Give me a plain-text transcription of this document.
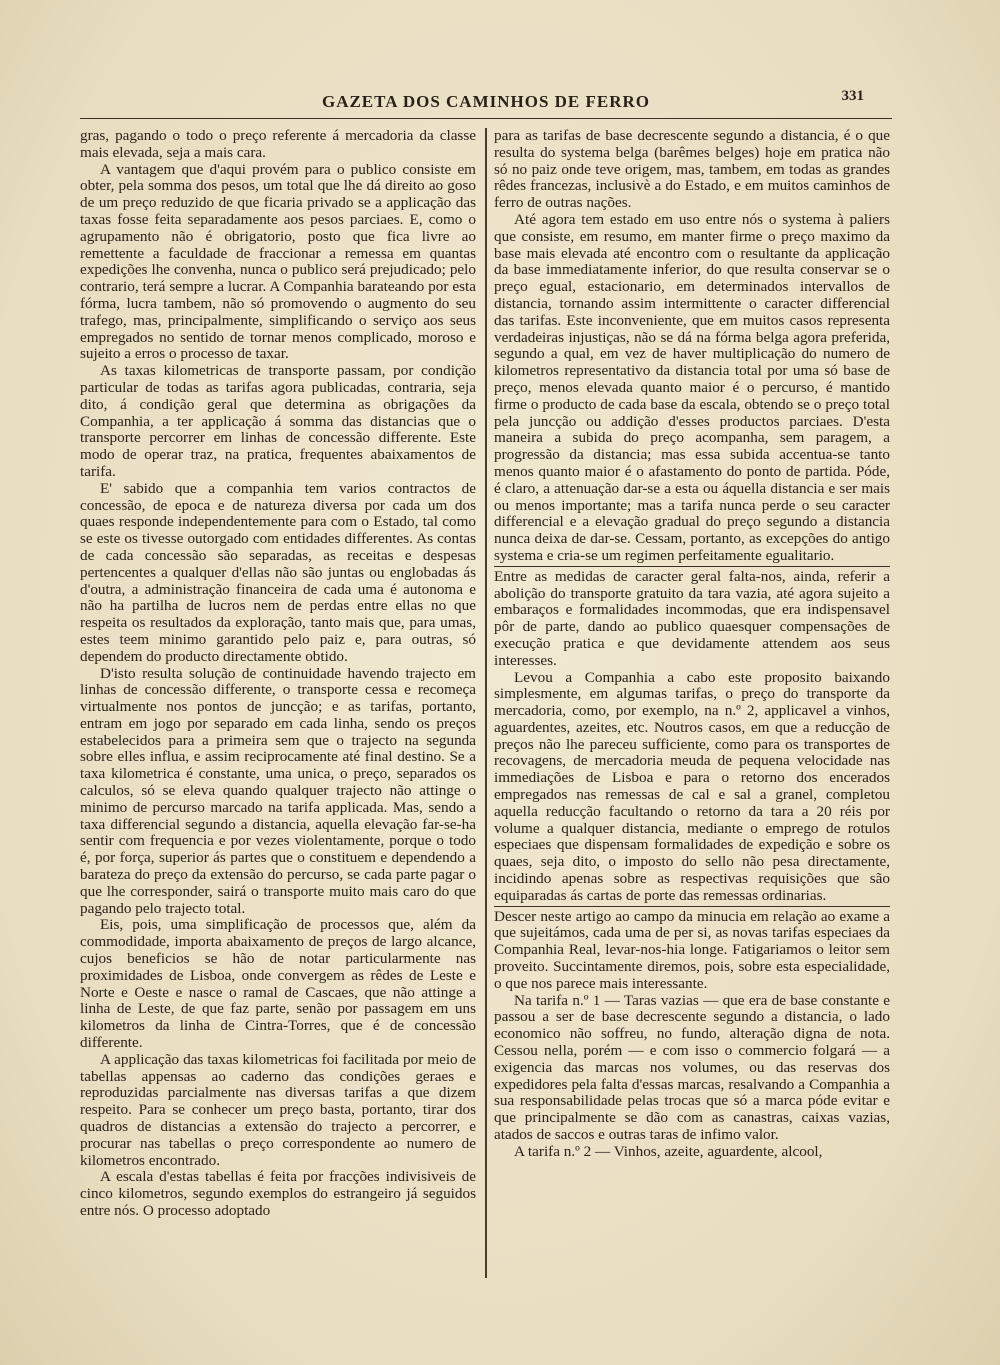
GAZETA DOS CAMINHOS DE FERRO	331

gras, pagando o todo o preço referente á mercadoria da classe mais elevada, seja a mais cara.

A vantagem que d'aqui provém para o publico consiste em obter, pela somma dos pesos, um total que lhe dá direito ao goso de um preço reduzido de que ficaria privado se a applicação das taxas fosse feita separadamente aos pesos parciaes. E, como o agrupamento não é obrigatorio, posto que fica livre ao remettente a faculdade de fraccionar a remessa em quantas expedições lhe convenha, nunca o publico será prejudicado; pelo contrario, terá sempre a lucrar. A Companhia barateando por esta fórma, lucra tambem, não só promovendo o augmento do seu trafego, mas, principalmente, simplificando o serviço aos seus empregados no sentido de tornar menos complicado, moroso e sujeito a erros o processo de taxar.

As taxas kilometricas de transporte passam, por condição particular de todas as tarifas agora publicadas, contraria, seja dito, á condição geral que determina as obrigações da Companhia, a ter applicação á somma das distancias que o transporte percorrer em linhas de concessão differente. Este modo de operar traz, na pratica, frequentes abaixamentos de tarifa.

E' sabido que a companhia tem varios contractos de concessão, de epoca e de natureza diversa por cada um dos quaes responde independentemente para com o Estado, tal como se este os tivesse outorgado com entidades differentes. As contas de cada concessão são separadas, as receitas e despesas pertencentes a qualquer d'ellas não são juntas ou englobadas ás d'outra, a administração financeira de cada uma é autonoma e não ha partilha de lucros nem de perdas entre ellas no que respeita os resultados da exploração, tanto mais que, para umas, estes teem minimo garantido pelo paiz e, para outras, só dependem do producto directamente obtido.

D'isto resulta solução de continuidade havendo trajecto em linhas de concessão differente, o transporte cessa e recomeça virtualmente nos pontos de juncção; e as tarifas, portanto, entram em jogo por separado em cada linha, sendo os preços estabelecidos para a primeira sem que o trajecto na segunda sobre elles influa, e assim reciprocamente até final destino. Se a taxa kilometrica é constante, uma unica, o preço, separados os calculos, só se eleva quando qualquer trajecto não attinge o minimo de percurso marcado na tarifa applicada. Mas, sendo a taxa differencial segundo a distancia, aquella elevação far-se-ha sentir com frequencia e por vezes violentamente, porque o todo é, por força, superior ás partes que o constituem e dependendo a barateza do preço da extensão do percurso, se cada parte pagar o que lhe corresponder, sairá o transporte muito mais caro do que pagando pelo trajecto total.

Eis, pois, uma simplificação de processos que, além da commodidade, importa abaixamento de preços de largo alcance, cujos beneficios se hão de notar particularmente nas proximidades de Lisboa, onde convergem as rêdes de Leste e Norte e Oeste e nasce o ramal de Cascaes, que não attinge a linha de Leste, de que faz parte, senão por passagem em uns kilometros da linha de Cintra-Torres, que é de concessão differente.

A applicação das taxas kilometricas foi facilitada por meio de tabellas appensas ao caderno das condições geraes e reproduzidas parcialmente nas diversas tarifas a que dizem respeito. Para se conhecer um preço basta, portanto, tirar dos quadros de distancias a extensão do trajecto a percorrer, e procurar nas tabellas o preço correspondente ao numero de kilometros encontrado.

A escala d'estas tabellas é feita por fracções indivisiveis de cinco kilometros, segundo exemplos do estrangeiro já seguidos entre nós. O processo adoptado

para as tarifas de base decrescente segundo a distancia, é o que resulta do systema belga (barêmes belges) hoje em pratica não só no paiz onde teve origem, mas, tambem, em todas as grandes rêdes francezas, inclusivè a do Estado, e em muitos caminhos de ferro de outras nações.

Até agora tem estado em uso entre nós o systema à paliers que consiste, em resumo, em manter firme o preço maximo da base mais elevada até encontro com o resultante da applicação da base immediatamente inferior, do que resulta conservar se o preço egual, estacionario, em determinados intervallos de distancia, tornando assim intermittente o caracter differencial das tarifas. Este inconveniente, que em muitos casos representa verdadeiras injustiças, não se dá na fórma belga agora preferida, segundo a qual, em vez de haver multiplicação do numero de kilometros representativo da distancia total por uma só base de preço, menos elevada quanto maior é o percurso, é mantido firme o producto de cada base da escala, obtendo se o preço total pela juncção ou addição d'esses productos parciaes. D'esta maneira a subida do preço acompanha, sem paragem, a progressão da distancia; mas essa subida accentua-se tanto menos quanto maior é o afastamento do ponto de partida. Póde, é claro, a attenuação dar-se a esta ou áquella distancia e ser mais ou menos importante; mas a tarifa nunca perde o seu caracter differencial e a elevação gradual do preço segundo a distancia nunca deixa de dar-se. Cessam, portanto, as excepções do antigo systema e cria-se um regimen perfeitamente egualitario.

Entre as medidas de caracter geral falta-nos, ainda, referir a abolição do transporte gratuito da tara vazia, até agora sujeito a embaraços e formalidades incommodas, que era indispensavel pôr de parte, dando ao publico quaesquer compensações de execução pratica e que devidamente attendem aos seus interesses.

Levou a Companhia a cabo este proposito baixando simplesmente, em algumas tarifas, o preço do transporte da mercadoria, como, por exemplo, na n.º 2, applicavel a vinhos, aguardentes, azeites, etc. Noutros casos, em que a reducção de preços não lhe pareceu sufficiente, como para os transportes de recovagens, de mercadoria meuda de pequena velocidade nas immediações de Lisboa e para o retorno dos encerados empregados nas remessas de cal e sal a granel, completou aquella reducção facultando o retorno da tara a 20 réis por volume a qualquer distancia, mediante o emprego de rotulos especiaes que dispensam formalidades de expedição e sobre os quaes, seja dito, o imposto do sello não pesa directamente, incidindo apenas sobre as respectivas requisições que são equiparadas ás cartas de porte das remessas ordinarias.

Descer neste artigo ao campo da minucia em relação ao exame a que sujeitámos, cada uma de per si, as novas tarifas especiaes da Companhia Real, levar-nos-hia longe. Fatigariamos o leitor sem proveito. Succintamente diremos, pois, sobre esta especialidade, o que nos parece mais interessante.

Na tarifa n.º 1 — Taras vazias — que era de base constante e passou a ser de base decrescente segundo a distancia, o lado economico não soffreu, no fundo, alteração digna de nota. Cessou nella, porém — e com isso o commercio folgará — a exigencia das marcas nos volumes, ou das reservas dos expedidores pela falta d'essas marcas, resalvando a Companhia a sua responsabilidade pelas trocas que só a marca póde evitar e que principalmente se dão com as canastras, caixas vazias, atados de saccos e outras taras de infimo valor.

A tarifa n.º 2 — Vinhos, azeite, aguardente, alcool,
